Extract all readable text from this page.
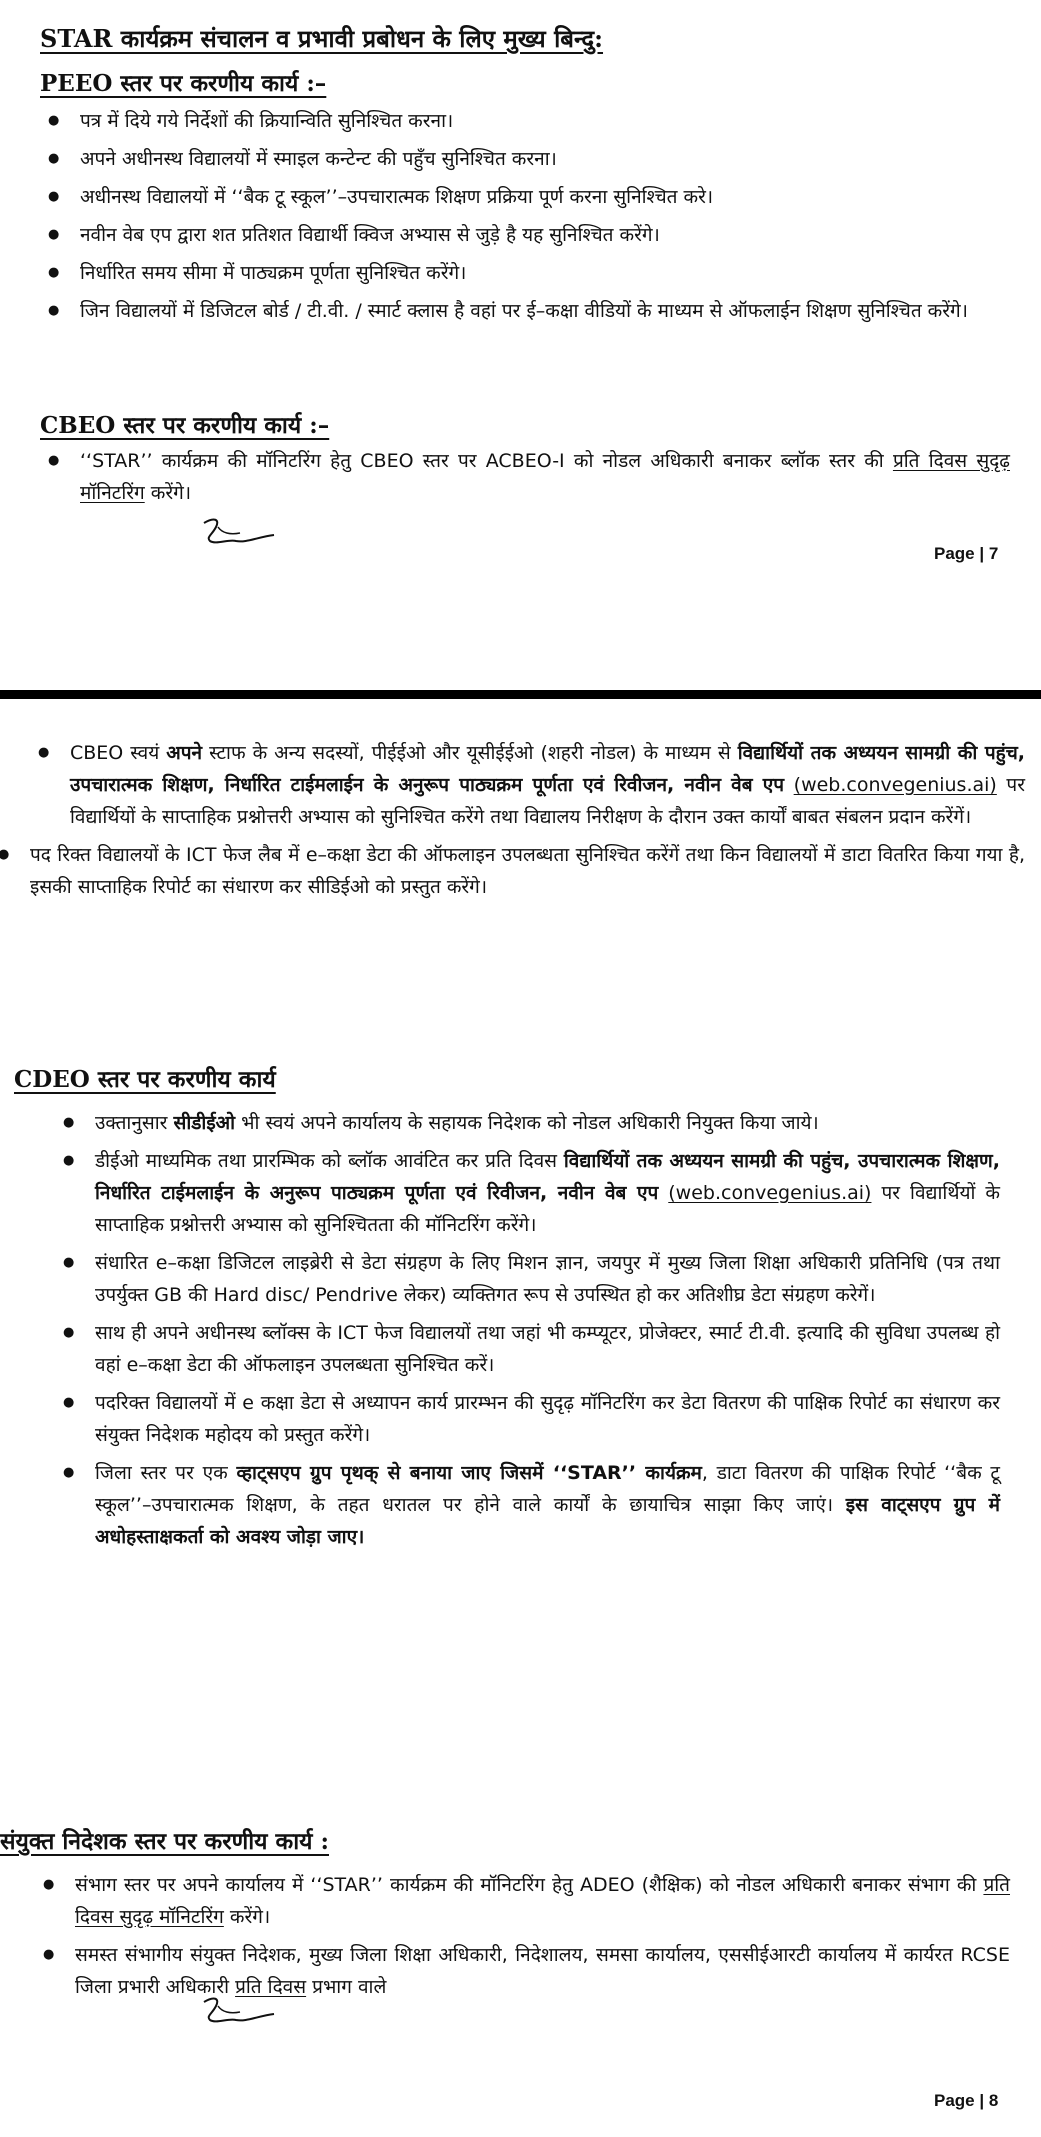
STAR कार्यक्रम संचालन व प्रभावी प्रबोधन के लिए मुख्य बिन्दु:
PEEO स्तर पर करणीय कार्य :–
● पत्र में दिये गये निर्देशों की क्रियान्विति सुनिश्चित करना।
● अपने अधीनस्थ विद्यालयों में स्माइल कन्टेन्ट की पहुँच सुनिश्चित करना।
● अधीनस्थ विद्यालयों में ‘‘बैक टू स्कूल’’–उपचारात्मक शिक्षण प्रक्रिया पूर्ण करना सुनिश्चित करे।
● नवीन वेब एप द्वारा शत प्रतिशत विद्यार्थी क्विज अभ्यास से जुड़े है यह सुनिश्चित करेंगे।
● निर्धारित समय सीमा में पाठ्यक्रम पूर्णता सुनिश्चित करेंगे।
● जिन विद्यालयों में डिजिटल बोर्ड / टी.वी. / स्मार्ट क्लास है वहां पर ई–कक्षा वीडियों के माध्यम से ऑफलाईन शिक्षण सुनिश्चित करेंगे।
CBEO स्तर पर करणीय कार्य :–
● ‘‘STAR’’ कार्यक्रम की मॉनिटरिंग हेतु CBEO स्तर पर ACBEO-I को नोडल अधिकारी बनाकर ब्लॉक स्तर की प्रति दिवस सुदृढ़ मॉनिटरिंग करेंगे।
Page | 7
● CBEO स्वयं अपने स्टाफ के अन्य सदस्यों, पीईईओ और यूसीईईओ (शहरी नोडल) के माध्यम से विद्यार्थियों तक अध्ययन सामग्री की पहुंच, उपचारात्मक शिक्षण, निर्धारित टाईमलाईन के अनुरूप पाठ्यक्रम पूर्णता एवं रिवीजन, नवीन वेब एप (web.convegenius.ai) पर विद्यार्थियों के साप्ताहिक प्रश्नोत्तरी अभ्यास को सुनिश्चित करेंगे तथा विद्यालय निरीक्षण के दौरान उक्त कार्यों बाबत संबलन प्रदान करेंगें।
● पद रिक्त विद्यालयों के ICT फेज लैब में e–कक्षा डेटा की ऑफलाइन उपलब्धता सुनिश्चित करेंगें तथा किन विद्यालयों में डाटा वितरित किया गया है, इसकी साप्ताहिक रिपोर्ट का संधारण कर सीडिईओ को प्रस्तुत करेंगे।
CDEO स्तर पर करणीय कार्य
● उक्तानुसार सीडीईओ भी स्वयं अपने कार्यालय के सहायक निदेशक को नोडल अधिकारी नियुक्त किया जाये।
● डीईओ माध्यमिक तथा प्रारम्भिक को ब्लॉक आवंटित कर प्रति दिवस विद्यार्थियों तक अध्ययन सामग्री की पहुंच, उपचारात्मक शिक्षण, निर्धारित टाईमलाईन के अनुरूप पाठ्यक्रम पूर्णता एवं रिवीजन, नवीन वेब एप (web.convegenius.ai) पर विद्यार्थियों के साप्ताहिक प्रश्नोत्तरी अभ्यास को सुनिश्चितता की मॉनिटरिंग करेंगे।
● संधारित e–कक्षा डिजिटल लाइब्रेरी से डेटा संग्रहण के लिए मिशन ज्ञान, जयपुर में मुख्य जिला शिक्षा अधिकारी प्रतिनिधि (पत्र तथा उपर्युक्त GB की Hard disc/ Pendrive लेकर) व्यक्तिगत रूप से उपस्थित हो कर अतिशीघ्र डेटा संग्रहण करेगें।
● साथ ही अपने अधीनस्थ ब्लॉक्स के ICT फेज विद्यालयों तथा जहां भी कम्प्यूटर, प्रोजेक्टर, स्मार्ट टी.वी. इत्यादि की सुविधा उपलब्ध हो वहां e–कक्षा डेटा की ऑफलाइन उपलब्धता सुनिश्चित करें।
● पदरिक्त विद्यालयों में e कक्षा डेटा से अध्यापन कार्य प्रारम्भन की सुदृढ़ मॉनिटरिंग कर डेटा वितरण की पाक्षिक रिपोर्ट का संधारण कर संयुक्त निदेशक महोदय को प्रस्तुत करेंगे।
● जिला स्तर पर एक व्हाट्सएप ग्रुप पृथक् से बनाया जाए जिसमें ‘‘STAR’’ कार्यक्रम, डाटा वितरण की पाक्षिक रिपोर्ट ‘‘बैक टू स्कूल’’–उपचारात्मक शिक्षण, के तहत धरातल पर होने वाले कार्यों के छायाचित्र साझा किए जाएं। इस वाट्सएप ग्रुप में अधोहस्ताक्षकर्ता को अवश्य जोड़ा जाए।
संयुक्त निदेशक स्तर पर करणीय कार्य :
● संभाग स्तर पर अपने कार्यालय में ‘‘STAR’’ कार्यक्रम की मॉनिटरिंग हेतु ADEO (शैक्षिक) को नोडल अधिकारी बनाकर संभाग की प्रति दिवस सुदृढ़ मॉनिटरिंग करेंगे।
● समस्त संभागीय संयुक्त निदेशक, मुख्य जिला शिक्षा अधिकारी, निदेशालय, समसा कार्यालय, एससीईआरटी कार्यालय में कार्यरत RCSE जिला प्रभारी अधिकारी प्रति दिवस प्रभाग वाले
Page | 8
